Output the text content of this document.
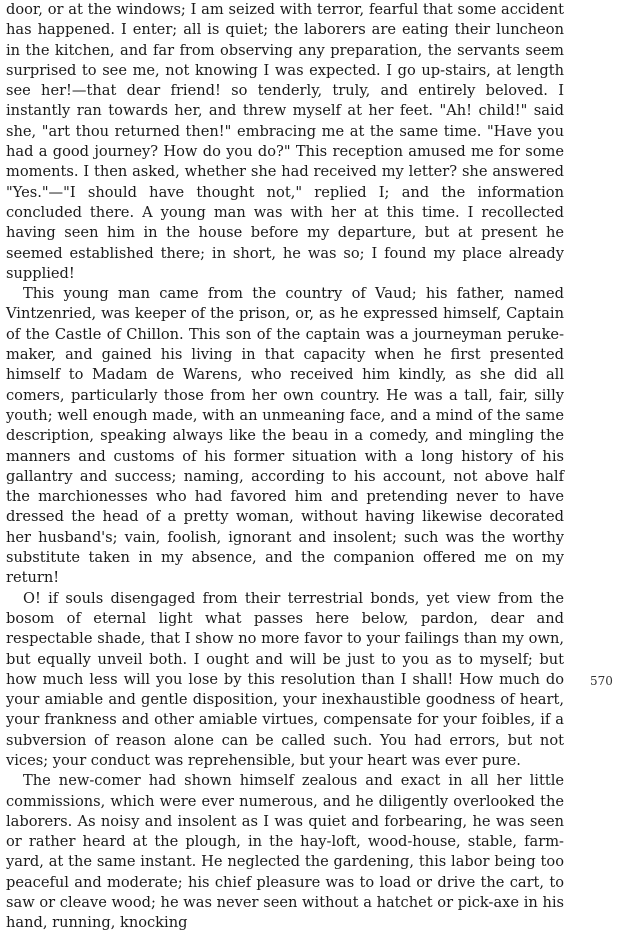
door, or at the windows; I am seized with terror, fearful that some accident has happened. I enter; all is quiet; the laborers are eating their luncheon in the kitchen, and far from observing any preparation, the servants seem surprised to see me, not knowing I was expected. I go up-stairs, at length see her!—that dear friend! so tenderly, truly, and entirely beloved. I instantly ran towards her, and threw myself at her feet. "Ah! child!" said she, "art thou returned then!" embracing me at the same time. "Have you had a good journey? How do you do?" This reception amused me for some moments. I then asked, whether she had received my letter? she answered "Yes."—"I should have thought not," replied I; and the information concluded there. A young man was with her at this time. I recollected having seen him in the house before my departure, but at present he seemed established there; in short, he was so; I found my place already supplied!

This young man came from the country of Vaud; his father, named Vintzenried, was keeper of the prison, or, as he expressed himself, Captain of the Castle of Chillon. This son of the captain was a journeyman peruke-maker, and gained his living in that capacity when he first presented himself to Madam de Warens, who received him kindly, as she did all comers, particularly those from her own country. He was a tall, fair, silly youth; well enough made, with an unmeaning face, and a mind of the same description, speaking always like the beau in a comedy, and mingling the manners and customs of his former situation with a long history of his gallantry and success; naming, according to his account, not above half the marchionesses who had favored him and pretending never to have dressed the head of a pretty woman, without having likewise decorated her husband's; vain, foolish, ignorant and insolent; such was the worthy substitute taken in my absence, and the companion offered me on my return!

O! if souls disengaged from their terrestrial bonds, yet view from the bosom of eternal light what passes here below, pardon, dear and respectable shade, that I show no more favor to your failings than my own, but equally unveil both. I ought and will be just to you as to myself; but how much less will you lose by this resolution than I shall! How much do your amiable and gentle disposition, your inexhaustible goodness of heart, your frankness and other amiable virtues, compensate for your foibles, if a subversion of reason alone can be called such. You had errors, but not vices; your conduct was reprehensible, but your heart was ever pure.

The new-comer had shown himself zealous and exact in all her little commissions, which were ever numerous, and he diligently overlooked the laborers. As noisy and insolent as I was quiet and forbearing, he was seen or rather heard at the plough, in the hay-loft, wood-house, stable, farm-yard, at the same instant. He neglected the gardening, this labor being too peaceful and moderate; his chief pleasure was to load or drive the cart, to saw or cleave wood; he was never seen without a hatchet or pick-axe in his hand, running, knocking

570
